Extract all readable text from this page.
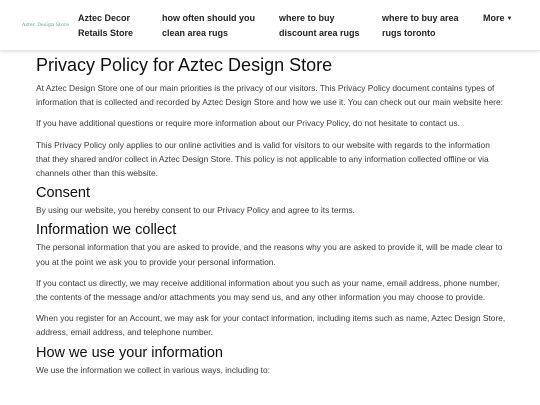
Aztec Design Store
Aztec Decor Retails Store
how often should you clean area rugs
where to buy discount area rugs
where to buy area rugs toronto
More ▼
Privacy Policy for Aztec Design Store

At Aztec Design Store one of our main priorities is the privacy of our visitors. This Privacy Policy document contains types of information that is collected and recorded by Aztec Design Store and how we use it. You can check out our main website here:

If you have additional questions or require more information about our Privacy Policy, do not hesitate to contact us.

This Privacy Policy only applies to our online activities and is valid for visitors to our website with regards to the information that they shared and/or collect in Aztec Design Store. This policy is not applicable to any information collected offline or via channels other than this website.

Consent

By using our website, you hereby consent to our Privacy Policy and agree to its terms.

Information we collect

The personal information that you are asked to provide, and the reasons why you are asked to provide it, will be made clear to you at the point we ask you to provide your personal information.

If you contact us directly, we may receive additional information about you such as your name, email address, phone number, the contents of the message and/or attachments you may send us, and any other information you may choose to provide.

When you register for an Account, we may ask for your contact information, including items such as name, Aztec Design Store, address, email address, and telephone number.

How we use your information

We use the information we collect in various ways, including to:
